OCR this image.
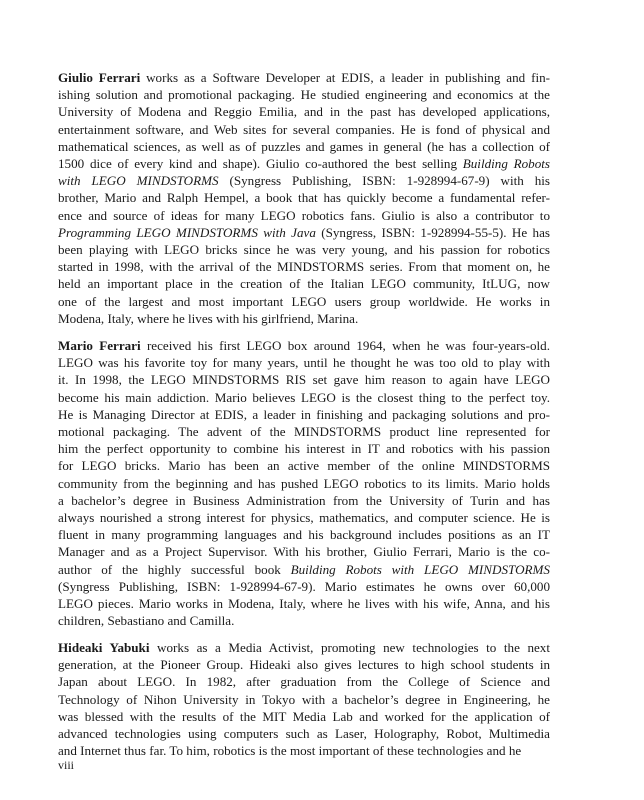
Giulio Ferrari works as a Software Developer at EDIS, a leader in publishing and fin-
ishing solution and promotional packaging. He studied engineering and economics at the
University of Modena and Reggio Emilia, and in the past has developed applications,
entertainment software, and Web sites for several companies. He is fond of physical and
mathematical sciences, as well as of puzzles and games in general (he has a collection of
1500 dice of every kind and shape). Giulio co-authored the best selling Building Robots
with LEGO MINDSTORMS (Syngress Publishing, ISBN: 1-928994-67-9) with his
brother, Mario and Ralph Hempel, a book that has quickly become a fundamental refer-
ence and source of ideas for many LEGO robotics fans. Giulio is also a contributor to
Programming LEGO MINDSTORMS with Java (Syngress, ISBN: 1-928994-55-5). He has
been playing with LEGO bricks since he was very young, and his passion for robotics
started in 1998, with the arrival of the MINDSTORMS series. From that moment on, he
held an important place in the creation of the Italian LEGO community, ItLUG, now
one of the largest and most important LEGO users group worldwide. He works in
Modena, Italy, where he lives with his girlfriend, Marina.
Mario Ferrari received his first LEGO box around 1964, when he was four-years-old.
LEGO was his favorite toy for many years, until he thought he was too old to play with
it. In 1998, the LEGO MINDSTORMS RIS set gave him reason to again have LEGO
become his main addiction. Mario believes LEGO is the closest thing to the perfect toy.
He is Managing Director at EDIS, a leader in finishing and packaging solutions and pro-
motional packaging. The advent of the MINDSTORMS product line represented for
him the perfect opportunity to combine his interest in IT and robotics with his passion
for LEGO bricks. Mario has been an active member of the online MINDSTORMS
community from the beginning and has pushed LEGO robotics to its limits. Mario holds
a bachelor’s degree in Business Administration from the University of Turin and has
always nourished a strong interest for physics, mathematics, and computer science. He is
fluent in many programming languages and his background includes positions as an IT
Manager and as a Project Supervisor. With his brother, Giulio Ferrari, Mario is the co-
author of the highly successful book Building Robots with LEGO MINDSTORMS
(Syngress Publishing, ISBN: 1-928994-67-9). Mario estimates he owns over 60,000
LEGO pieces. Mario works in Modena, Italy, where he lives with his wife, Anna, and his
children, Sebastiano and Camilla.
Hideaki Yabuki works as a Media Activist, promoting new technologies to the next
generation, at the Pioneer Group. Hideaki also gives lectures to high school students in
Japan about LEGO. In 1982, after graduation from the College of Science and
Technology of Nihon University in Tokyo with a bachelor’s degree in Engineering, he
was blessed with the results of the MIT Media Lab and worked for the application of
advanced technologies using computers such as Laser, Holography, Robot, Multimedia
and Internet thus far. To him, robotics is the most important of these technologies and he
viii
